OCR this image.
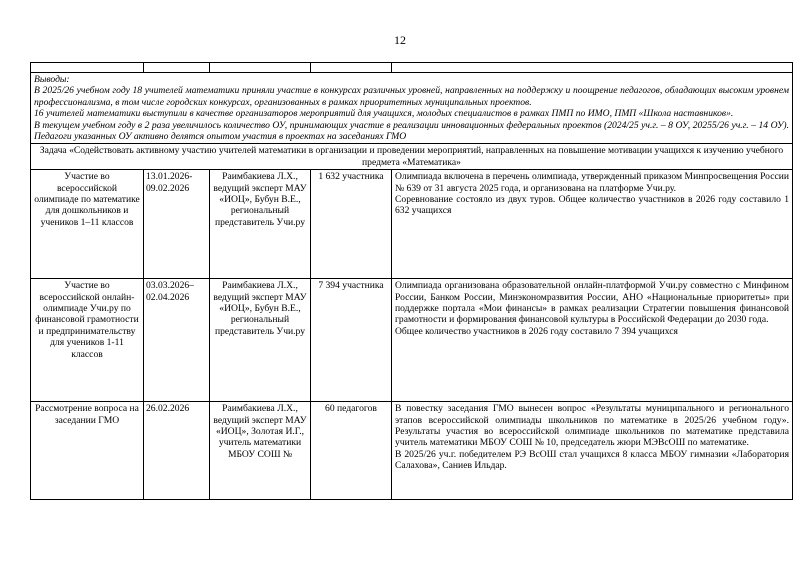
12

Выводы:

В 2025/26 учебном году 18 учителей математики приняли участие в конкурсах различных уровней, направленных на поддержку и поощрение педагогов, обладающих высоким уровнем профессионализма, в том числе городских конкурсах, организованных в рамках приоритетных муниципальных проектов.

16 учителей математики выступили в качестве организаторов мероприятий для учащихся, молодых специалистов в рамках ПМП по ИМО, ПМП «Школа наставников».

В текущем учебном году в 2 раза увеличилось количество ОУ, принимающих участие в реализации инновационных федеральных проектов (2024/25 уч.г. – 8 ОУ, 20255/26 уч.г. – 14 ОУ). Педагоги указанных ОУ активно делятся опытом участия в проектах на заседаниях ГМО				

Задача «Содействовать активному участию учителей математики в организации и проведении мероприятий, направленных на повышение мотивации учащихся к изучению учебного предмета «Математика»				
Участие во всероссийской олимпиаде по математике для дошкольников и учеников 1–11 классов	13.01.2026-09.02.2026	Раимбакиева Л.Х., ведущий эксперт МАУ «ИОЦ», Бубун В.Е., региональный представитель Учи.ру	1 632 участника	Олимпиада включена в перечень олимпиада, утвержденный приказом Минпросвещения России № 639 от 31 августа 2025 года, и организована на платформе Учи.ру.

Соревнование состояло из двух туров. Общее количество участников в 2026 году составило 1 632 учащихся

Участие во всероссийской онлайн-олимпиаде Учи.ру по финансовой грамотности и предпринимательству для учеников 1-11 классов	03.03.2026–02.04.2026	Раимбакиева Л.Х., ведущий эксперт МАУ «ИОЦ», Бубун В.Е., региональный представитель Учи.ру	7 394 участника	Олимпиада организована образовательной онлайн-платформой Учи.ру совместно с Минфином России, Банком России, Минэкономразвития России, АНО «Национальные приоритеты» при поддержке портала «Мои финансы» в рамках реализации Стратегии повышения финансовой грамотности и формирования финансовой культуры в Российской Федерации до 2030 года.

Общее количество участников в 2026 году составило 7 394 учащихся

Рассмотрение вопроса на заседании ГМО	26.02.2026	Раимбакиева Л.Х., ведущий эксперт МАУ «ИОЦ», Золотая И.Г., учитель математики МБОУ СОШ №	60 педагогов	В повестку заседания ГМО вынесен вопрос «Результаты муниципального и регионального этапов всероссийской олимпиады школьников по математике в 2025/26 учебном году». Результаты участия во всероссийской олимпиаде школьников по математике представила учитель математики МБОУ СОШ № 10, председатель жюри МЭВсОШ по математике.

В 2025/26 уч.г. победителем РЭ ВсОШ стал учащихся 8 класса МБОУ гимназии «Лаборатория Салахова», Саниев Ильдар.
